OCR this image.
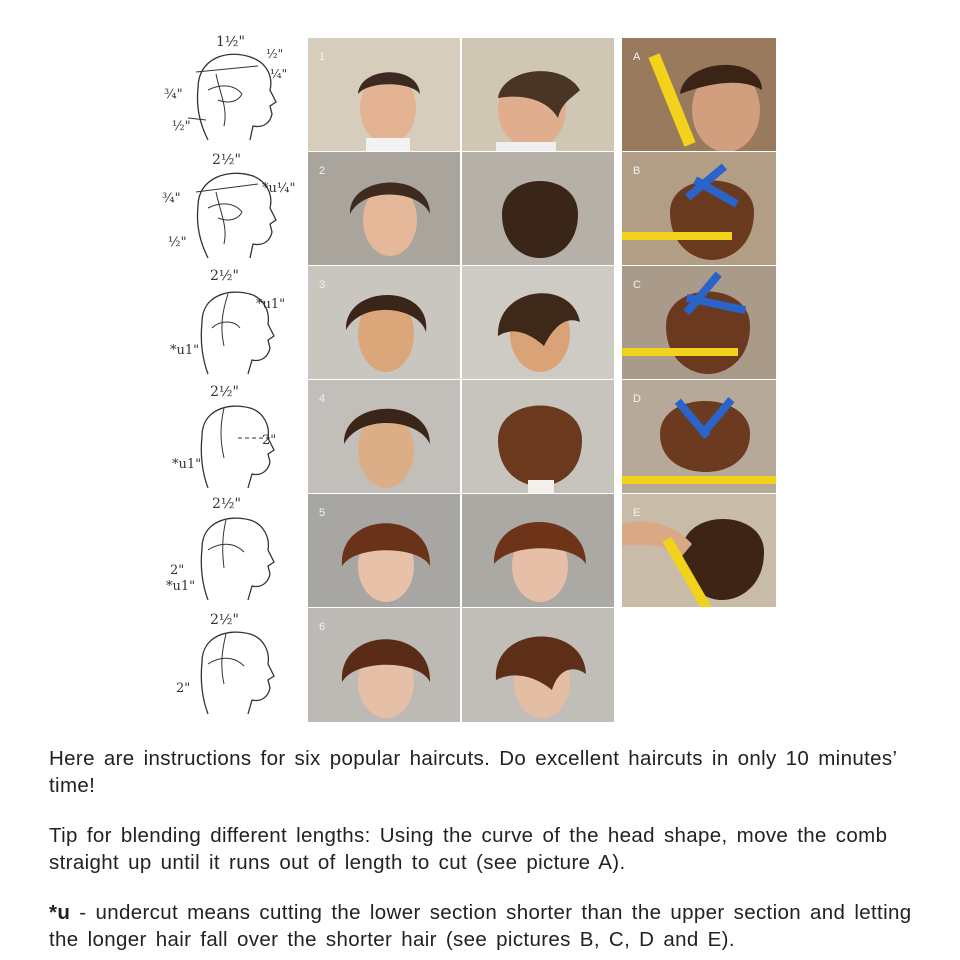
1½"
½"
¼"
¾"
½"
2½"
*u¼"
¾"
½"
2½"
*u1"
*u1"
2½"
2"
*u1"
2½"
2"
*u1"
2½"
2"
1
2
3
4
5
6
A
B
C
D
E

Here are instructions for six popular haircuts. Do excellent haircuts in only 10 minutes’ time!

Tip for blending different lengths: Using the curve of the head shape, move the comb straight up until it runs out of length to cut (see picture A).

*u - undercut means cutting the lower section shorter than the upper section and letting the longer hair fall over the shorter hair (see pictures B, C, D and E).
